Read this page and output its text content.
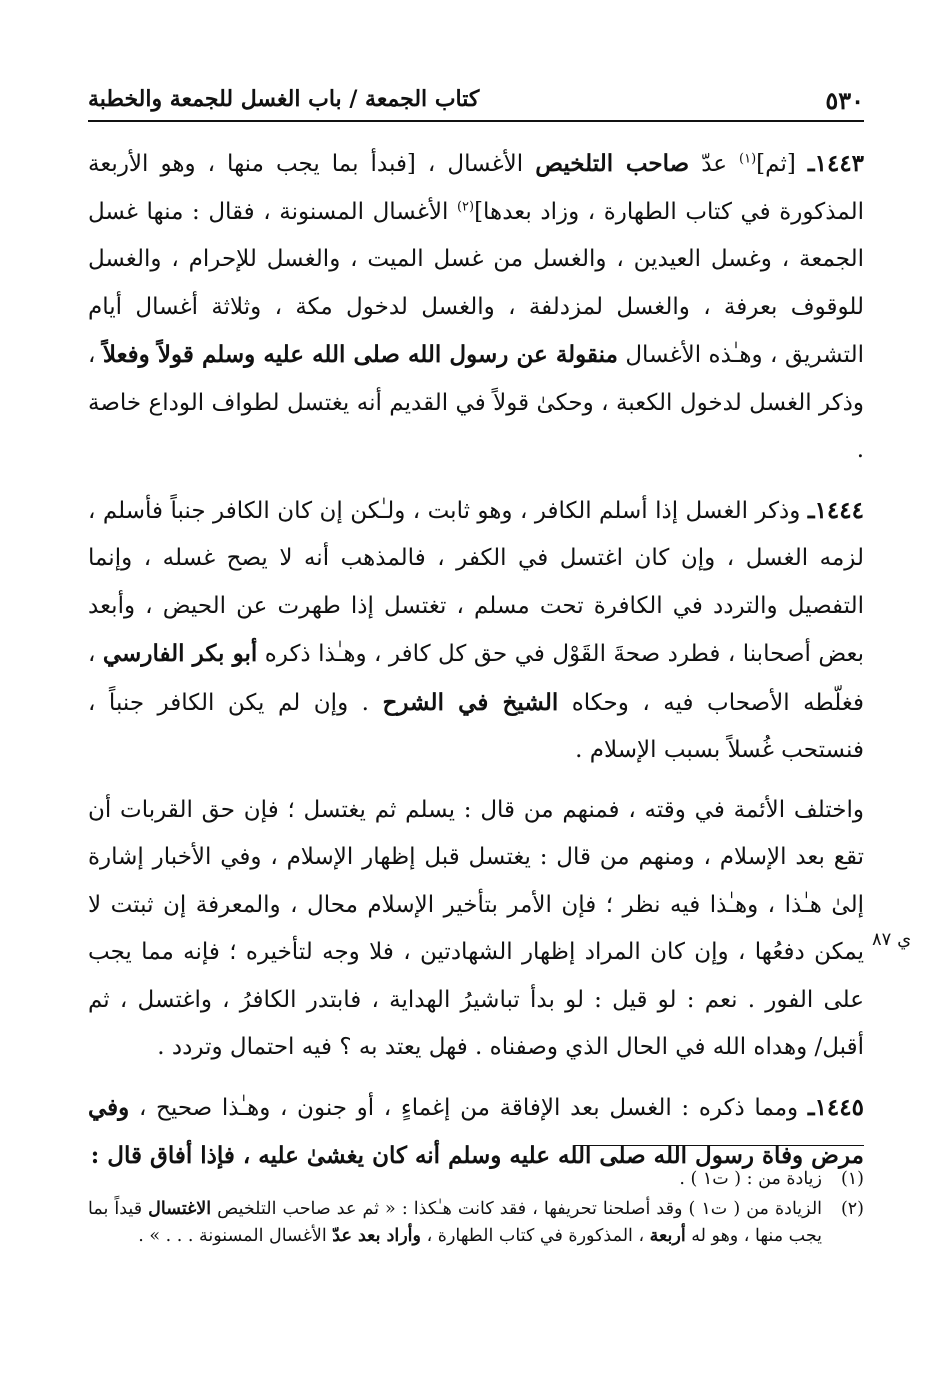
٥٣٠
كتاب الجمعة / باب الغسل للجمعة والخطبة

١٤٤٣ـ [ثم]$^{(١)}$ عدّ صاحب التلخيص الأغسال ، [فبدأ بما يجب منها ، وهو الأربعة المذكورة في كتاب الطهارة ، وزاد بعدها]$^{(٢)}$ الأغسال المسنونة ، فقال : منها غسل الجمعة ، وغسل العيدين ، والغسل من غسل الميت ، والغسل للإحرام ، والغسل للوقوف بعرفة ، والغسل لمزدلفة ، والغسل لدخول مكة ، وثلاثة أغسال أيام التشريق ، وهـٰذه الأغسال منقولة عن رسول الله صلى الله عليه وسلم قولاً وفعلاً ، وذكر الغسل لدخول الكعبة ، وحكىٰ قولاً في القديم أنه يغتسل لطواف الوداع خاصة .

١٤٤٤ـ وذكر الغسل إذا أسلم الكافر ، وهو ثابت ، ولـٰكن إن كان الكافر جنباً فأسلم ، لزمه الغسل ، وإن كان اغتسل في الكفر ، فالمذهب أنه لا يصح غسله ، وإنما التفصيل والتردد في الكافرة تحت مسلم ، تغتسل إذا طهرت عن الحيض ، وأبعد بعض أصحابنا ، فطرد صحةَ القَوْل في حق كل كافر ، وهـٰذا ذكره أبو بكر الفارسي ، فغلّطه الأصحاب فيه ، وحكاه الشيخ في الشرح . وإن لم يكن الكافر جنباً ، فنستحب غُسلاً بسبب الإسلام .

واختلف الأئمة في وقته ، فمنهم من قال : يسلم ثم يغتسل ؛ فإن حق القربات أن تقع بعد الإسلام ، ومنهم من قال : يغتسل قبل إظهار الإسلام ، وفي الأخبار إشارة إلىٰ هـٰذا ، وهـٰذا فيه نظر ؛ فإن الأمر بتأخير الإسلام محال ، والمعرفة إن ثبتت لا يمكن دفعُها ، وإن كان المراد إظهار الشهادتين ، فلا وجه لتأخيره ؛ فإنه مما يجب على الفور . نعم : لو قيل : لو بدأ تباشيرُ الهداية ، فابتدر الكافرُ ، واغتسل ، ثم أقبل/ وهداه الله في الحال الذي وصفناه . فهل يعتد به ؟ فيه احتمال وتردد .

١٤٤٥ـ ومما ذكره : الغسل بعد الإفاقة من إغماءٍ ، أو جنون ، وهـٰذا صحيح ، وفي مرض وفاة رسول الله صلى الله عليه وسلم أنه كان يغشىٰ عليه ، فإذا أفاق قال :

ي ٨٧
(١)
زيادة من : ( ت١ ) .
(٢)
الزيادة من ( ت١ ) وقد أصلحنا تحريفها ، فقد كانت هـٰكذا : « ثم عد صاحب التلخيص الاغتسال قيداً بما يجب منها ، وهو له أربعة ، المذكورة في كتاب الطهارة ، وأراد بعد عدّ الأغسال المسنونة . . . » .
